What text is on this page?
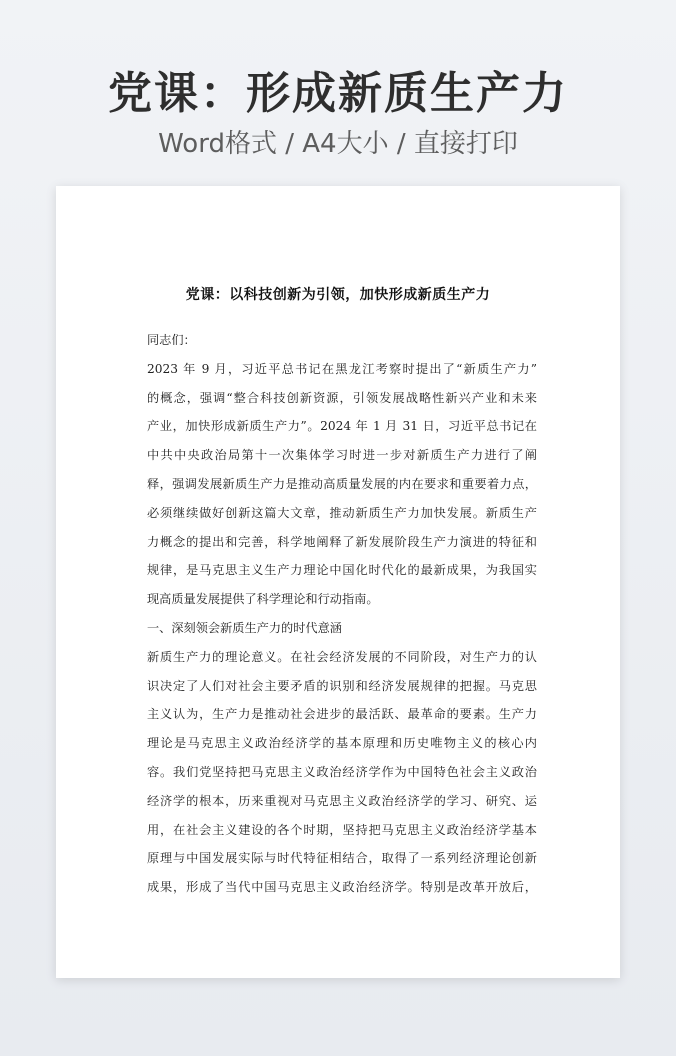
党课：形成新质生产力
Word格式 / A4大小 / 直接打印
党课：以科技创新为引领，加快形成新质生产力
同志们：
2023 年 9 月，习近平总书记在黑龙江考察时提出了“新质生产力”
的概念，强调“整合科技创新资源，引领发展战略性新兴产业和未来
产业，加快形成新质生产力”。2024 年 1 月 31 日，习近平总书记在
中共中央政治局第十一次集体学习时进一步对新质生产力进行了阐
释，强调发展新质生产力是推动高质量发展的内在要求和重要着力点，
必须继续做好创新这篇大文章，推动新质生产力加快发展。新质生产
力概念的提出和完善，科学地阐释了新发展阶段生产力演进的特征和
规律，是马克思主义生产力理论中国化时代化的最新成果，为我国实
现高质量发展提供了科学理论和行动指南。
一、深刻领会新质生产力的时代意涵
新质生产力的理论意义。在社会经济发展的不同阶段，对生产力的认
识决定了人们对社会主要矛盾的识别和经济发展规律的把握。马克思
主义认为，生产力是推动社会进步的最活跃、最革命的要素。生产力
理论是马克思主义政治经济学的基本原理和历史唯物主义的核心内
容。我们党坚持把马克思主义政治经济学作为中国特色社会主义政治
经济学的根本，历来重视对马克思主义政治经济学的学习、研究、运
用，在社会主义建设的各个时期，坚持把马克思主义政治经济学基本
原理与中国发展实际与时代特征相结合，取得了一系列经济理论创新
成果，形成了当代中国马克思主义政治经济学。特别是改革开放后，
